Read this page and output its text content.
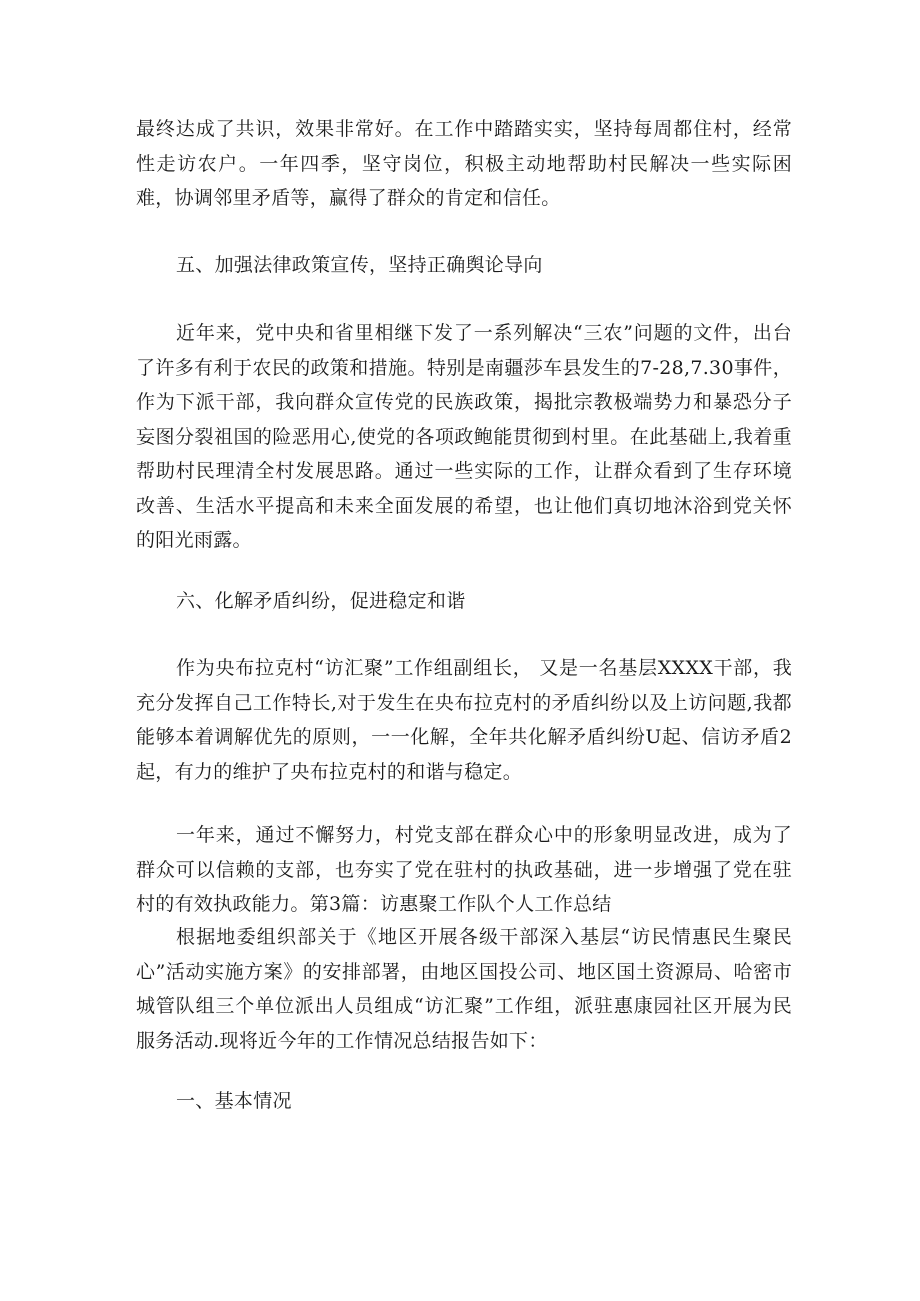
最终达成了共识，效果非常好。在工作中踏踏实实，坚持每周都住村，经常性走访农户。一年四季，坚守岗位，积极主动地帮助村民解决一些实际困难，协调邻里矛盾等，赢得了群众的肯定和信任。

五、加强法律政策宣传，坚持正确舆论导向

近年来，党中央和省里相继下发了一系列解决“三农”问题的文件，出台了许多有利于农民的政策和措施。特别是南疆莎车县发生的7-28,7.30事件，作为下派干部，我向群众宣传党的民族政策，揭批宗教极端势力和暴恐分子妄图分裂祖国的险恶用心,使党的各项政鲍能贯彻到村里。在此基础上,我着重帮助村民理清全村发展思路。通过一些实际的工作，让群众看到了生存环境改善、生活水平提高和未来全面发展的希望，也让他们真切地沐浴到党关怀的阳光雨露。

六、化解矛盾纠纷，促进稳定和谐

作为央布拉克村“访汇聚”工作组副组长， 又是一名基层XXXX干部，我充分发挥自己工作特长,对于发生在央布拉克村的矛盾纠纷以及上访问题,我都能够本着调解优先的原则，一一化解，全年共化解矛盾纠纷U起、信访矛盾2起，有力的维护了央布拉克村的和谐与稳定。

一年来，通过不懈努力，村党支部在群众心中的形象明显改进，成为了群众可以信赖的支部，也夯实了党在驻村的执政基础，进一步增强了党在驻村的有效执政能力。第3篇：访惠聚工作队个人工作总结

根据地委组织部关于《地区开展各级干部深入基层“访民情惠民生聚民心”活动实施方案》的安排部署，由地区国投公司、地区国土资源局、哈密市城管队组三个单位派出人员组成“访汇聚”工作组，派驻惠康园社区开展为民服务活动.现将近今年的工作情况总结报告如下：

一、基本情况
